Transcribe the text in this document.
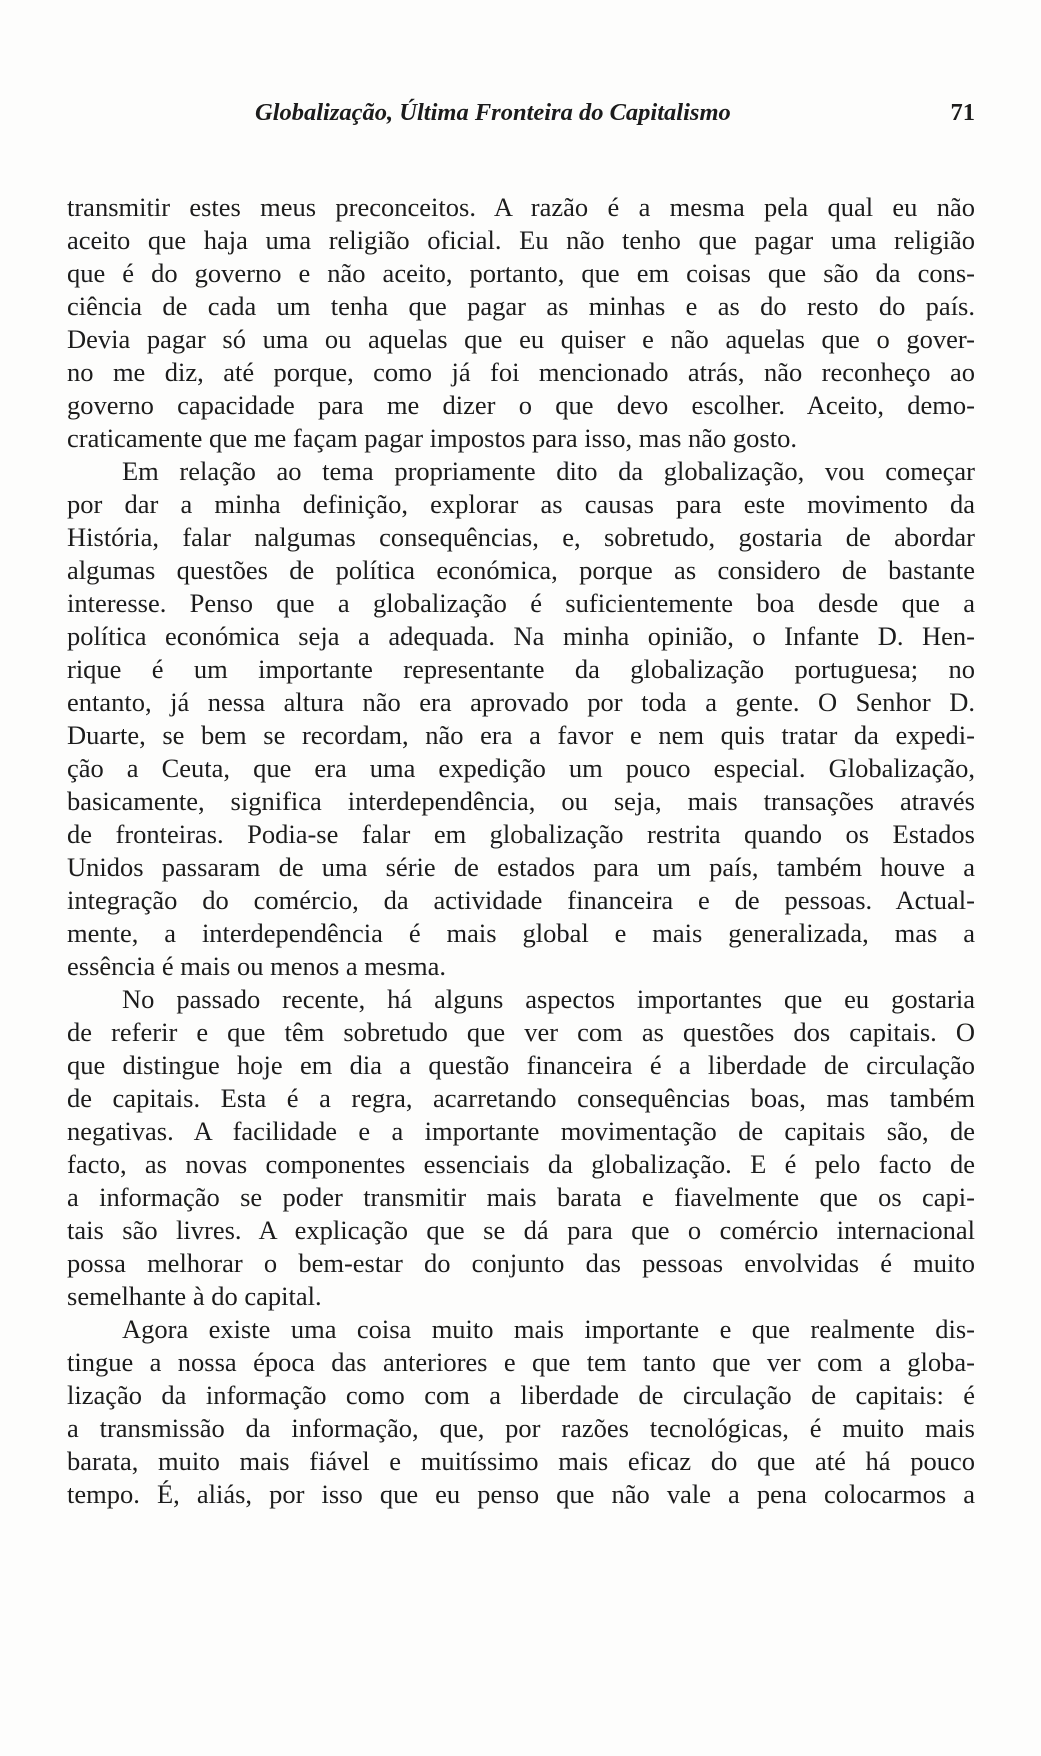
Globalização, Última Fronteira do Capitalismo	71

transmitir estes meus preconceitos. A razão é a mesma pela qual eu não
aceito que haja uma religião oficial. Eu não tenho que pagar uma religião
que é do governo e não aceito, portanto, que em coisas que são da cons-
ciência de cada um tenha que pagar as minhas e as do resto do país.
Devia pagar só uma ou aquelas que eu quiser e não aquelas que o gover-
no me diz, até porque, como já foi mencionado atrás, não reconheço ao
governo capacidade para me dizer o que devo escolher. Aceito, demo-
craticamente que me façam pagar impostos para isso, mas não gosto.

Em relação ao tema propriamente dito da globalização, vou começar
por dar a minha definição, explorar as causas para este movimento da
História, falar nalgumas consequências, e, sobretudo, gostaria de abordar
algumas questões de política económica, porque as considero de bastante
interesse. Penso que a globalização é suficientemente boa desde que a
política económica seja a adequada. Na minha opinião, o Infante D. Hen-
rique é um importante representante da globalização portuguesa; no
entanto, já nessa altura não era aprovado por toda a gente. O Senhor D.
Duarte, se bem se recordam, não era a favor e nem quis tratar da expedi-
ção a Ceuta, que era uma expedição um pouco especial. Globalização,
basicamente, significa interdependência, ou seja, mais transações através
de fronteiras. Podia-se falar em globalização restrita quando os Estados
Unidos passaram de uma série de estados para um país, também houve a
integração do comércio, da actividade financeira e de pessoas. Actual-
mente, a interdependência é mais global e mais generalizada, mas a
essência é mais ou menos a mesma.

No passado recente, há alguns aspectos importantes que eu gostaria
de referir e que têm sobretudo que ver com as questões dos capitais. O
que distingue hoje em dia a questão financeira é a liberdade de circulação
de capitais. Esta é a regra, acarretando consequências boas, mas também
negativas. A facilidade e a importante movimentação de capitais são, de
facto, as novas componentes essenciais da globalização. E é pelo facto de
a informação se poder transmitir mais barata e fiavelmente que os capi-
tais são livres. A explicação que se dá para que o comércio internacional
possa melhorar o bem-estar do conjunto das pessoas envolvidas é muito
semelhante à do capital.

Agora existe uma coisa muito mais importante e que realmente dis-
tingue a nossa época das anteriores e que tem tanto que ver com a globa-
lização da informação como com a liberdade de circulação de capitais: é
a transmissão da informação, que, por razões tecnológicas, é muito mais
barata, muito mais fiável e muitíssimo mais eficaz do que até há pouco
tempo. É, aliás, por isso que eu penso que não vale a pena colocarmos a
